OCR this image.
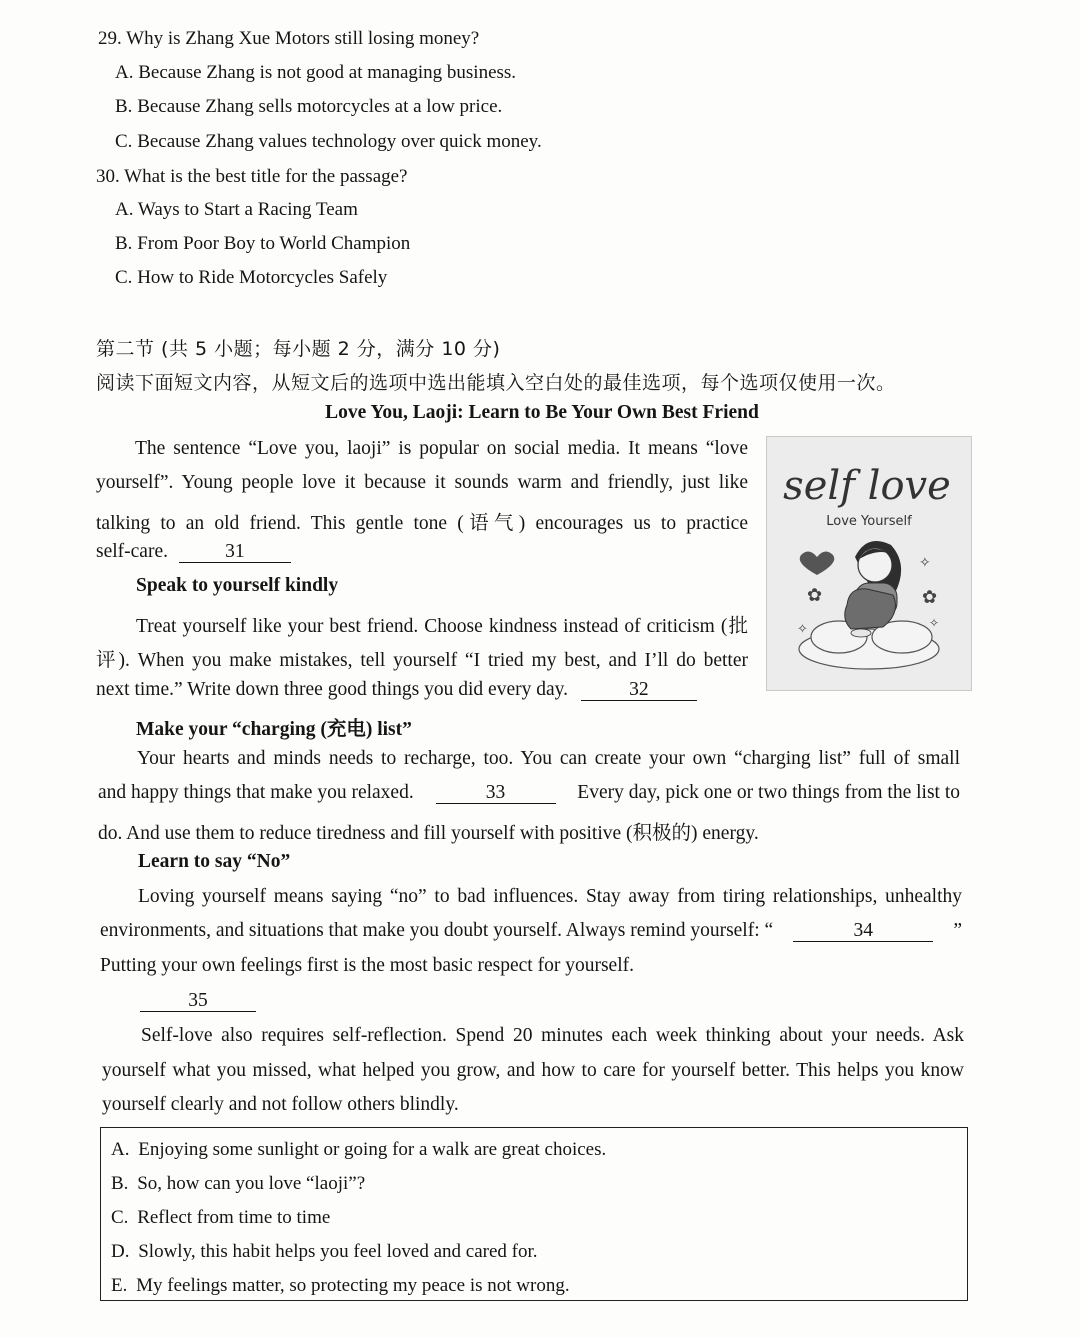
29. Why is Zhang Xue Motors still losing money?
A. Because Zhang is not good at managing business.
B. Because Zhang sells motorcycles at a low price.
C. Because Zhang values technology over quick money.
30. What is the best title for the passage?
A. Ways to Start a Racing Team
B. From Poor Boy to World Champion
C. How to Ride Motorcycles Safely
第二节 (共 5 小题；每小题 2 分，满分 10 分)
阅读下面短文内容，从短文后的选项中选出能填入空白处的最佳选项，每个选项仅使用一次。
Love You, Laoji: Learn to Be Your Own Best Friend
The sentence “Love you, laoji” is popular on social media. It means “love
yourself”. Young people love it because it sounds warm and friendly, just like
talking to an old friend. This gentle tone (语气) encourages us to practice
self-care.	31
Speak to yourself kindly
Treat yourself like your best friend. Choose kindness instead of criticism (批
评). When you make mistakes, tell yourself “I tried my best, and I’ll do better
next time.” Write down three good things you did every day.	32
self love
Love Yourself
✿	✿
✧
✧	✧
Make your “charging (充电) list”
Your hearts and minds needs to recharge, too. You can create your own “charging list” full of small
and happy things that make you relaxed.	33	Every day, pick one or two things from the list to
do. And use them to reduce tiredness and fill yourself with positive (积极的) energy.
Learn to say “No”
Loving yourself means saying “no” to bad influences. Stay away from tiring relationships, unhealthy
environments, and situations that make you doubt yourself. Always remind yourself: “	34	”
Putting your own feelings first is the most basic respect for yourself.
35
Self-love also requires self-reflection. Spend 20 minutes each week thinking about your needs. Ask
yourself what you missed, what helped you grow, and how to care for yourself better. This helps you know
yourself clearly and not follow others blindly.
A. Enjoying some sunlight or going for a walk are great choices.
B. So, how can you love “laoji”?
C. Reflect from time to time
D. Slowly, this habit helps you feel loved and cared for.
E. My feelings matter, so protecting my peace is not wrong.
